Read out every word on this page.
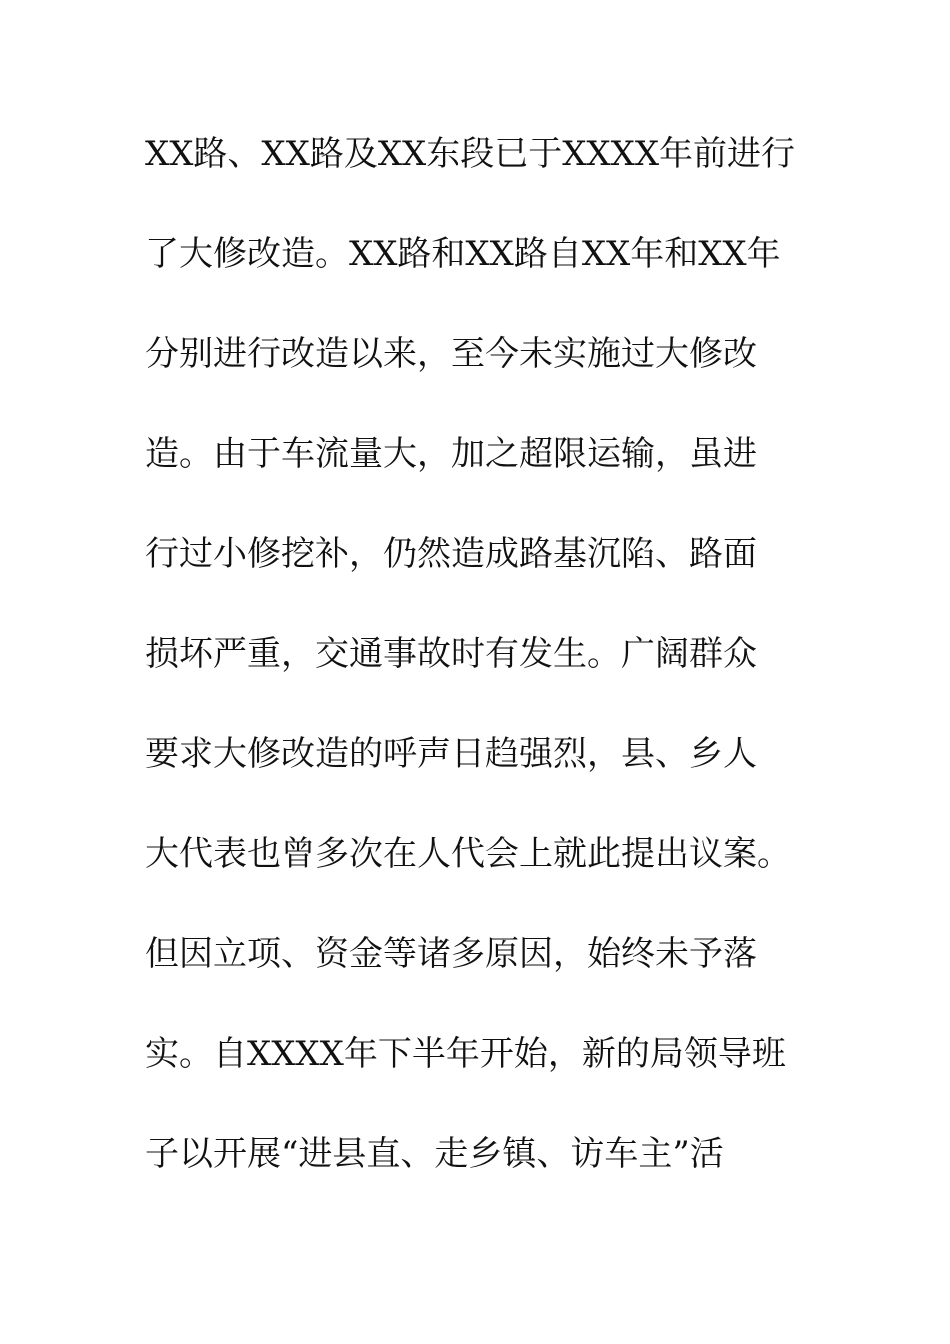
XX路、XX路及XX东段已于XXXX年前进行
了大修改造。XX路和XX路自XX年和XX年
分别进行改造以来，至今未实施过大修改
造。由于车流量大，加之超限运输，虽进
行过小修挖补，仍然造成路基沉陷、路面
损坏严重，交通事故时有发生。广阔群众
要求大修改造的呼声日趋强烈，县、乡人
大代表也曾多次在人代会上就此提出议案。
但因立项、资金等诸多原因，始终未予落
实。自XXXX年下半年开始，新的局领导班
子以开展“进县直、走乡镇、访车主”活
